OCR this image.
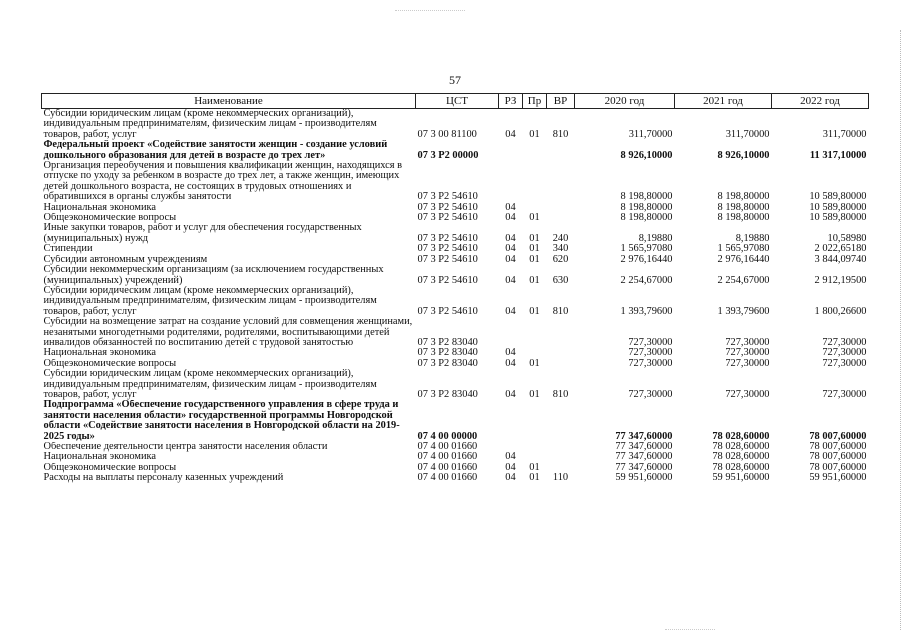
57
Наименование	ЦСТ	РЗ	Пр	ВР	2020 год	2021 год	2022 год
Субсидии юридическим лицам (кроме некоммерческих организаций), индивидуальным предпринимателям, физическим лицам - производителям товаров, работ, услуг	07 3 00 81100	04	01	810	311,70000	311,70000	311,70000
Федеральный проект «Содействие занятости женщин - создание условий дошкольного образования для детей в возрасте до трех лет»	07 3 P2 00000				8 926,10000	8 926,10000	11 317,10000
Организация переобучения и повышения квалификации женщин, находящихся в отпуске по уходу за ребенком в возрасте до трех лет, а также женщин, имеющих детей дошкольного возраста, не состоящих в трудовых отношениях и обратившихся в органы службы занятости	07 3 P2 54610				8 198,80000	8 198,80000	10 589,80000
Национальная экономика	07 3 P2 54610	04			8 198,80000	8 198,80000	10 589,80000
Общеэкономические вопросы	07 3 P2 54610	04	01		8 198,80000	8 198,80000	10 589,80000
Иные закупки товаров, работ и услуг для обеспечения государственных (муниципальных) нужд	07 3 P2 54610	04	01	240	8,19880	8,19880	10,58980
Стипендии	07 3 P2 54610	04	01	340	1 565,97080	1 565,97080	2 022,65180
Субсидии автономным учреждениям	07 3 P2 54610	04	01	620	2 976,16440	2 976,16440	3 844,09740
Субсидии некоммерческим организациям (за исключением государственных (муниципальных) учреждений)	07 3 P2 54610	04	01	630	2 254,67000	2 254,67000	2 912,19500
Субсидии юридическим лицам (кроме некоммерческих организаций), индивидуальным предпринимателям, физическим лицам - производителям товаров, работ, услуг	07 3 P2 54610	04	01	810	1 393,79600	1 393,79600	1 800,26600
Субсидии на возмещение затрат на создание условий для совмещения женщинами, незанятыми многодетными родителями, родителями, воспитывающими детей инвалидов обязанностей по воспитанию детей с трудовой занятостью	07 3 P2 83040				727,30000	727,30000	727,30000
Национальная экономика	07 3 P2 83040	04			727,30000	727,30000	727,30000
Общеэкономические вопросы	07 3 P2 83040	04	01		727,30000	727,30000	727,30000
Субсидии юридическим лицам (кроме некоммерческих организаций), индивидуальным предпринимателям, физическим лицам - производителям товаров, работ, услуг	07 3 P2 83040	04	01	810	727,30000	727,30000	727,30000
Подпрограмма «Обеспечение государственного управления в сфере труда и занятости населения области» государственной программы Новгородской области «Содействие занятости населения в Новгородской области на 2019-2025 годы»	07 4 00 00000				77 347,60000	78 028,60000	78 007,60000
Обеспечение деятельности центра занятости населения области	07 4 00 01660				77 347,60000	78 028,60000	78 007,60000
Национальная экономика	07 4 00 01660	04			77 347,60000	78 028,60000	78 007,60000
Общеэкономические вопросы	07 4 00 01660	04	01		77 347,60000	78 028,60000	78 007,60000
Расходы на выплаты персоналу казенных учреждений	07 4 00 01660	04	01	110	59 951,60000	59 951,60000	59 951,60000
